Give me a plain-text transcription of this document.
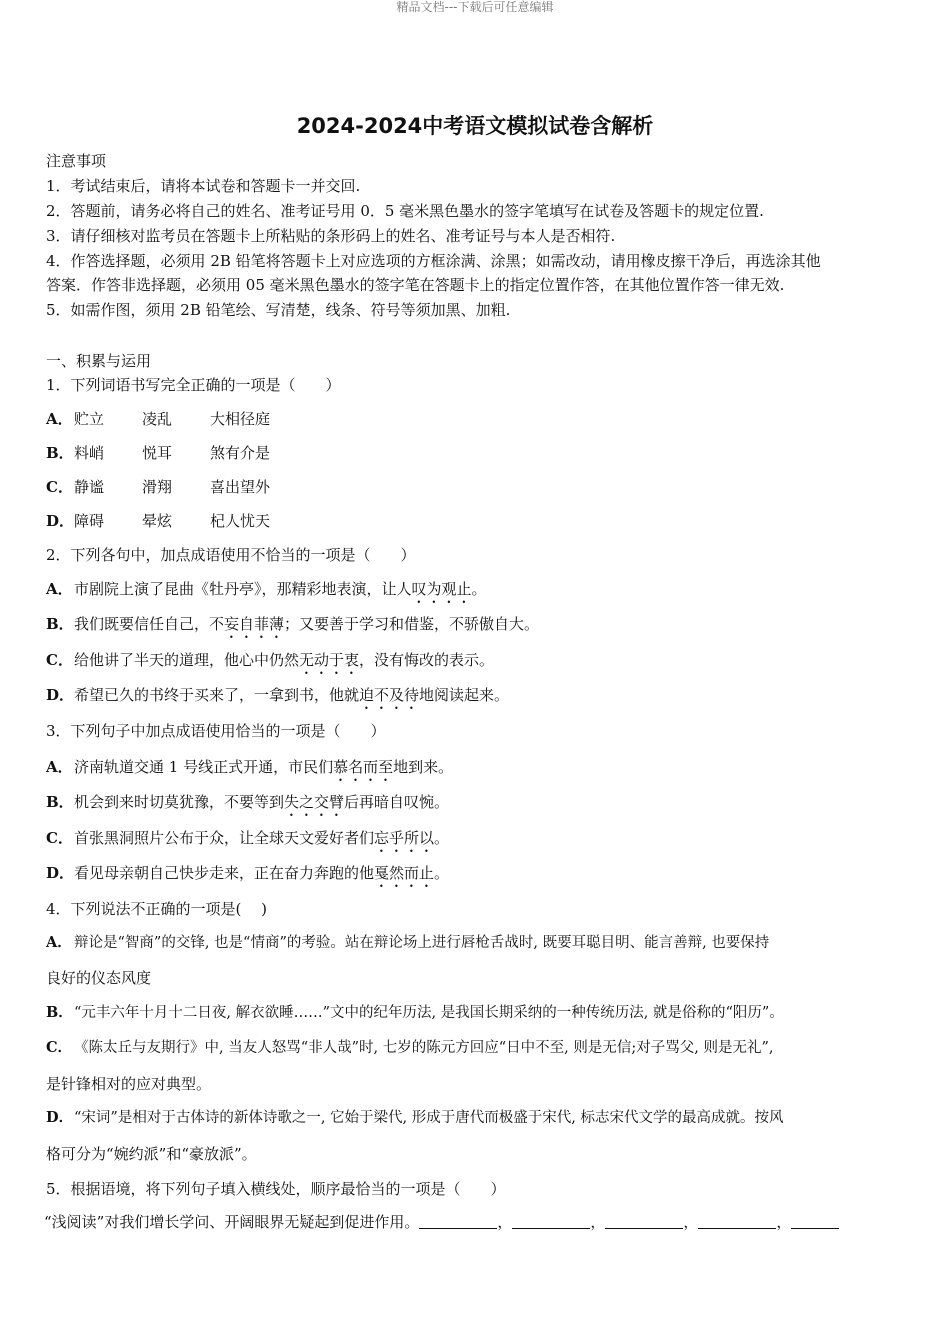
精品文档---下载后可任意编辑
2024-2024中考语文模拟试卷含解析
注意事项
1．考试结束后，请将本试卷和答题卡一并交回.
2．答题前，请务必将自己的姓名、准考证号用 0．5 毫米黑色墨水的签字笔填写在试卷及答题卡的规定位置.
3．请仔细核对监考员在答题卡上所粘贴的条形码上的姓名、准考证号与本人是否相符.
4．作答选择题，必须用 2B 铅笔将答题卡上对应选项的方框涂满、涂黑；如需改动，请用橡皮擦干净后，再选涂其他
答案．作答非选择题，必须用 05 毫米黑色墨水的签字笔在答题卡上的指定位置作答，在其他位置作答一律无效.
5．如需作图，须用 2B 铅笔绘、写清楚，线条、符号等须加黑、加粗.
一、积累与运用
1．下列词语书写完全正确的一项是（　　）
A．贮立	凌乱	大相径庭
B．料峭	悦耳	煞有介是
C．静谧	滑翔	喜出望外
D．障碍	晕炫	杞人忧天
2．下列各句中，加点成语使用不恰当的一项是（　　）
A．市剧院上演了昆曲《牡丹亭》，那精彩地表演，让人叹为观止。
B．我们既要信任自己，不妄自菲薄；又要善于学习和借鉴，不骄傲自大。
C．给他讲了半天的道理，他心中仍然无动于衷，没有悔改的表示。
D．希望已久的书终于买来了，一拿到书，他就迫不及待地阅读起来。
3．下列句子中加点成语使用恰当的一项是（　　）
A．济南轨道交通 1 号线正式开通，市民们慕名而至地到来。
B．机会到来时切莫犹豫，不要等到失之交臂后再暗自叹惋。
C．首张黑洞照片公布于众，让全球天文爱好者们忘乎所以。
D．看见母亲朝自己快步走来，正在奋力奔跑的他戛然而止。
4．下列说法不正确的一项是(　 )
A． 辩论是“智商”的交锋, 也是“情商”的考验。站在辩论场上进行唇枪舌战时, 既要耳聪目明、能言善辩, 也要保持
良好的仪态风度
B．“元丰六年十月十二日夜, 解衣欲睡……”文中的纪年历法, 是我国长期采纳的一种传统历法, 就是俗称的“阳历”。
C． 《陈太丘与友期行》中, 当友人怒骂“非人哉”时, 七岁的陈元方回应“日中不至, 则是无信;对子骂父, 则是无礼”,
是针锋相对的应对典型。
D．“宋词”是相对于古体诗的新体诗歌之一, 它始于梁代, 形成于唐代而极盛于宋代, 标志宋代文学的最高成就。按风
格可分为“婉约派”和“豪放派”。
5．根据语境，将下列句子填入横线处，顺序最恰当的一项是（　　）
“浅阅读”对我们增长学问、开阔眼界无疑起到促进作用。	，	，	，	，
